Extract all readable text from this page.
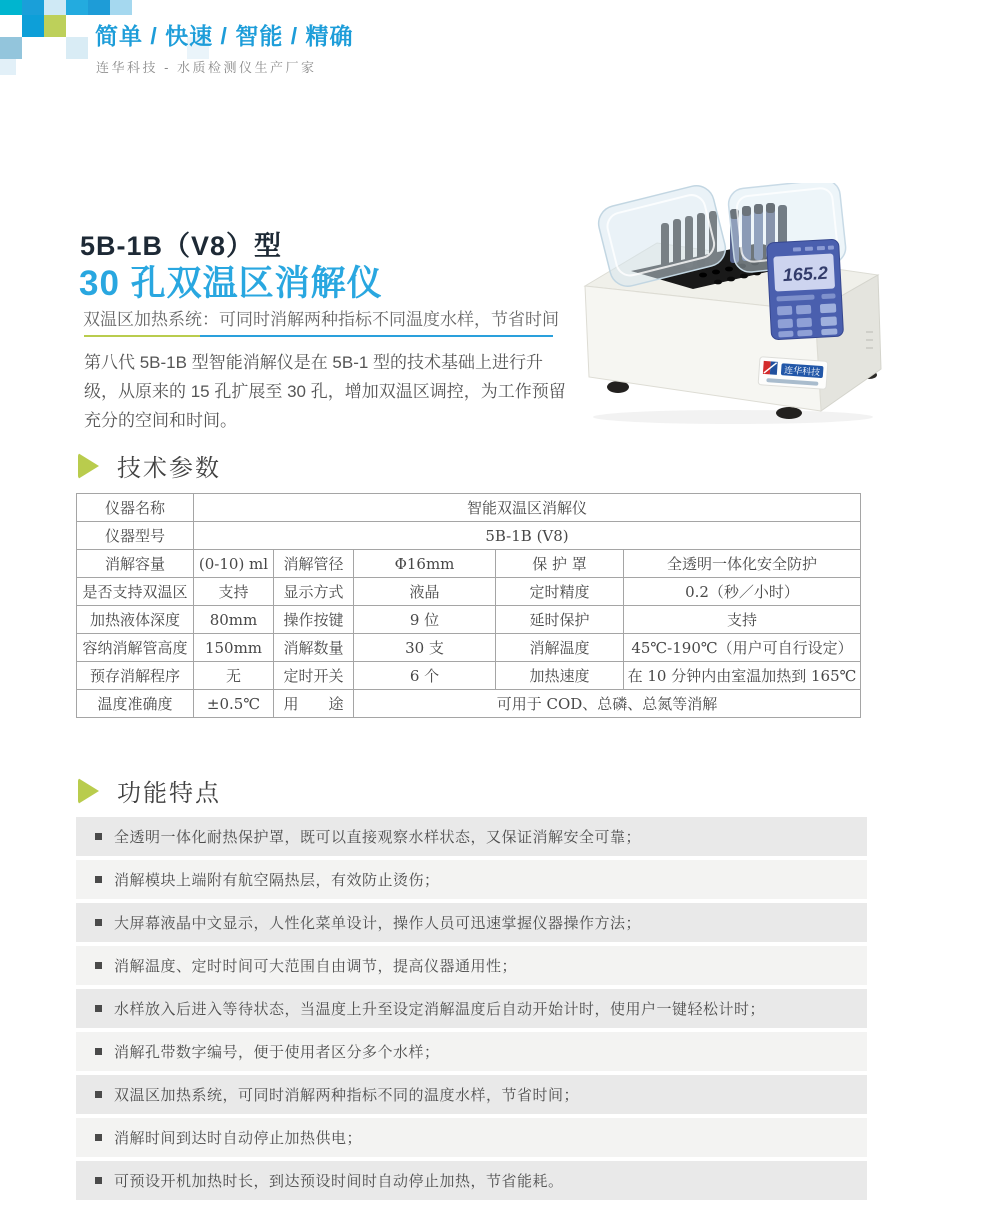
简单 / 快速 / 智能 / 精确
连华科技 - 水质检测仪生产厂家
5B-1B（V8）型
30 孔双温区消解仪
双温区加热系统：可同时消解两种指标不同温度水样，节省时间
第八代 5B-1B 型智能消解仪是在 5B-1 型的技术基础上进行升级，从原来的 15 孔扩展至 30 孔，增加双温区调控，为工作预留充分的空间和时间。
165.2
连华科技
技术参数
仪器名称	智能双温区消解仪				
仪器型号	5B-1B (V8)				
消解容量	(0-10) ml	消解管径	Φ16mm	保 护 罩	全透明一体化安全防护
是否支持双温区	支持	显示方式	液晶	定时精度	0.2（秒／小时）
加热液体深度	80mm	操作按键	9 位	延时保护	支持
容纳消解管高度	150mm	消解数量	30 支	消解温度	45℃-190℃（用户可自行设定）
预存消解程序	无	定时开关	6 个	加热速度	在 10 分钟内由室温加热到 165℃
温度准确度	±0.5℃	用　　途	可用于 COD、总磷、总氮等消解		
功能特点
全透明一体化耐热保护罩，既可以直接观察水样状态，又保证消解安全可靠；
消解模块上端附有航空隔热层，有效防止烫伤；
大屏幕液晶中文显示，人性化菜单设计，操作人员可迅速掌握仪器操作方法；
消解温度、定时时间可大范围自由调节，提高仪器通用性；
水样放入后进入等待状态，当温度上升至设定消解温度后自动开始计时，使用户一键轻松计时；
消解孔带数字编号，便于使用者区分多个水样；
双温区加热系统，可同时消解两种指标不同的温度水样，节省时间；
消解时间到达时自动停止加热供电；
可预设开机加热时长，到达预设时间时自动停止加热，节省能耗。
